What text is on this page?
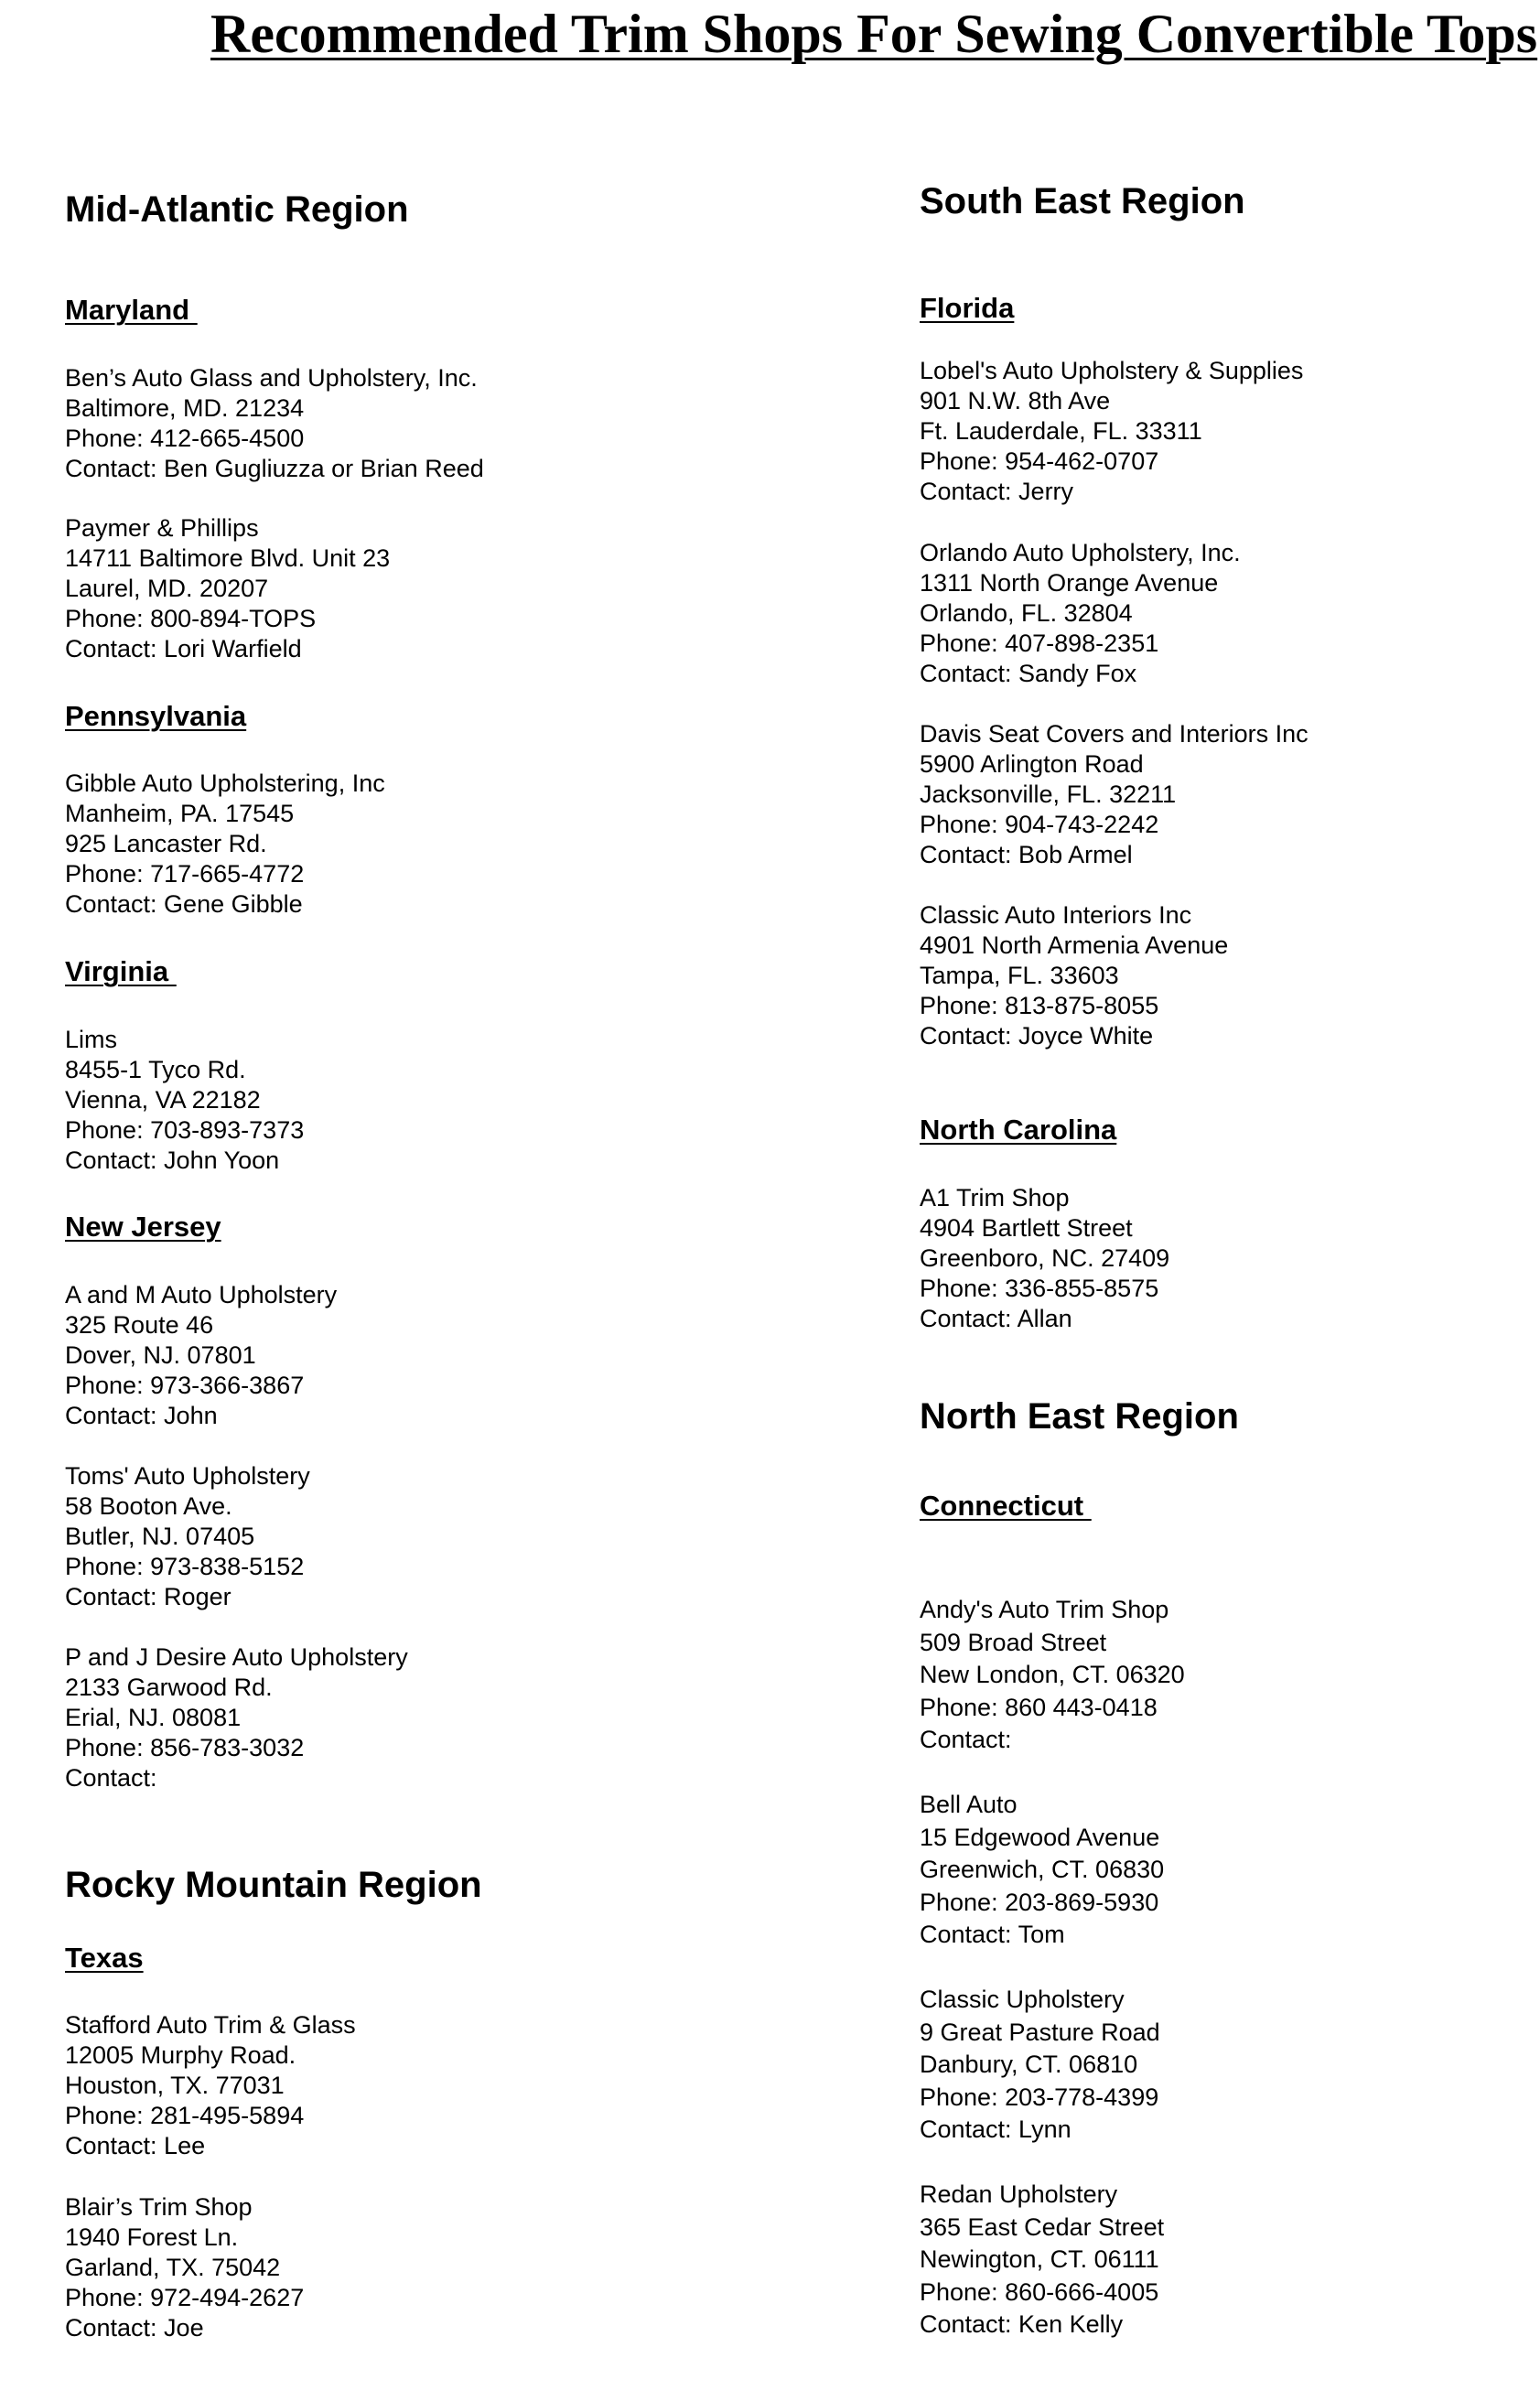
Recommended Trim Shops For Sewing Convertible Tops
Mid-Atlantic Region
Maryland
Ben’s Auto Glass and Upholstery, Inc.
Baltimore, MD. 21234
Phone: 412-665-4500
Contact: Ben Gugliuzza or Brian Reed
Paymer & Phillips
14711 Baltimore Blvd. Unit 23
Laurel, MD. 20207
Phone: 800-894-TOPS
Contact: Lori Warfield
Pennsylvania
Gibble Auto Upholstering, Inc
Manheim, PA. 17545
925 Lancaster Rd.
Phone: 717-665-4772
Contact: Gene Gibble
Virginia
Lims
8455-1 Tyco Rd.
Vienna, VA 22182
Phone: 703-893-7373
Contact: John Yoon
New Jersey
A and M Auto Upholstery
325 Route 46
Dover, NJ. 07801
Phone: 973-366-3867
Contact: John
Toms' Auto Upholstery
58 Booton Ave.
Butler, NJ. 07405
Phone: 973-838-5152
Contact: Roger
P and J Desire Auto Upholstery
2133 Garwood Rd.
Erial, NJ. 08081
Phone: 856-783-3032
Contact:
Rocky Mountain Region
Texas
Stafford Auto Trim & Glass
12005 Murphy Road.
Houston, TX. 77031
Phone: 281-495-5894
Contact: Lee
Blair’s Trim Shop
1940 Forest Ln.
Garland, TX. 75042
Phone: 972-494-2627
Contact: Joe
South East Region
Florida
Lobel's Auto Upholstery & Supplies
901 N.W. 8th Ave
Ft. Lauderdale, FL. 33311
Phone: 954-462-0707
Contact: Jerry
Orlando Auto Upholstery, Inc.
1311 North Orange Avenue
Orlando, FL. 32804
Phone: 407-898-2351
Contact: Sandy Fox
Davis Seat Covers and Interiors Inc
5900 Arlington Road
Jacksonville, FL. 32211
Phone: 904-743-2242
Contact: Bob Armel
Classic Auto Interiors Inc
4901 North Armenia Avenue
Tampa, FL. 33603
Phone: 813-875-8055
Contact: Joyce White
North Carolina
A1 Trim Shop
4904 Bartlett Street
Greenboro, NC. 27409
Phone: 336-855-8575
Contact: Allan
North East Region
Connecticut
Andy's Auto Trim Shop
509 Broad Street
New London, CT. 06320
Phone: 860 443-0418
Contact:
Bell Auto
15 Edgewood Avenue
Greenwich, CT. 06830
Phone: 203-869-5930
Contact: Tom
Classic Upholstery
9 Great Pasture Road
Danbury, CT. 06810
Phone: 203-778-4399
Contact: Lynn
Redan Upholstery
365 East Cedar Street
Newington, CT. 06111
Phone: 860-666-4005
Contact: Ken Kelly
